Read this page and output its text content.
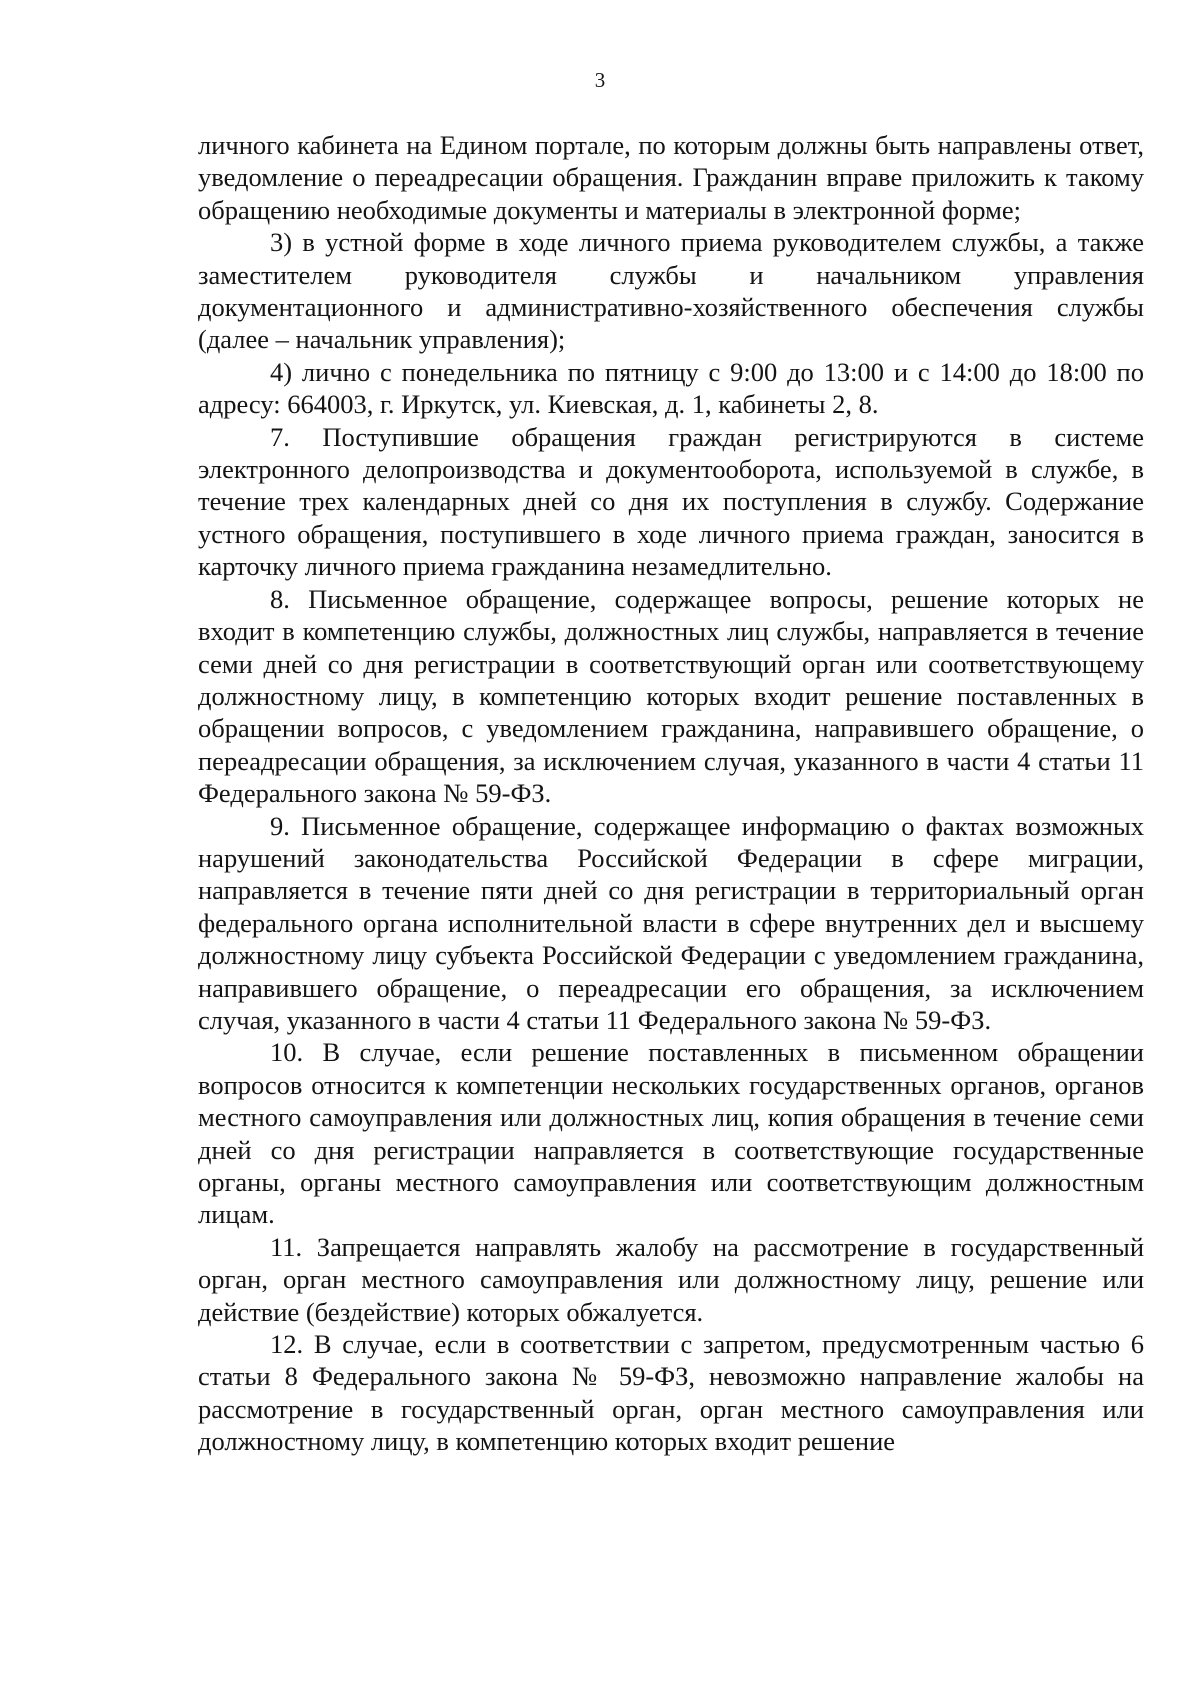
3

личного кабинета на Едином портале, по которым должны быть направлены ответ, уведомление о переадресации обращения. Гражданин вправе приложить к такому обращению необходимые документы и материалы в электронной форме;

3) в устной форме в ходе личного приема руководителем службы, а также заместителем руководителя службы и начальником управления документационного и административно-хозяйственного обеспечения службы (далее – начальник управления);

4) лично с понедельника по пятницу с 9:00 до 13:00 и с 14:00 до 18:00 по адресу: 664003, г. Иркутск, ул. Киевская, д. 1, кабинеты 2, 8.

7. Поступившие обращения граждан регистрируются в системе электронного делопроизводства и документооборота, используемой в службе, в течение трех календарных дней со дня их поступления в службу. Содержание устного обращения, поступившего в ходе личного приема граждан, заносится в карточку личного приема гражданина незамедлительно.

8. Письменное обращение, содержащее вопросы, решение которых не входит в компетенцию службы, должностных лиц службы, направляется в течение семи дней со дня регистрации в соответствующий орган или соответствующему должностному лицу, в компетенцию которых входит решение поставленных в обращении вопросов, с уведомлением гражданина, направившего обращение, о переадресации обращения, за исключением случая, указанного в части 4 статьи 11 Федерального закона № 59-ФЗ.

9. Письменное обращение, содержащее информацию о фактах возможных нарушений законодательства Российской Федерации в сфере миграции, направляется в течение пяти дней со дня регистрации в территориальный орган федерального органа исполнительной власти в сфере внутренних дел и высшему должностному лицу субъекта Российской Федерации с уведомлением гражданина, направившего обращение, о переадресации его обращения, за исключением случая, указанного в части 4 статьи 11 Федерального закона № 59-ФЗ.

10. В случае, если решение поставленных в письменном обращении вопросов относится к компетенции нескольких государственных органов, органов местного самоуправления или должностных лиц, копия обращения в течение семи дней со дня регистрации направляется в соответствующие государственные органы, органы местного самоуправления или соответствующим должностным лицам.

11. Запрещается направлять жалобу на рассмотрение в государственный орган, орган местного самоуправления или должностному лицу, решение или действие (бездействие) которых обжалуется.

12. В случае, если в соответствии с запретом, предусмотренным частью 6 статьи 8 Федерального закона № 59-ФЗ, невозможно направление жалобы на рассмотрение в государственный орган, орган местного самоуправления или должностному лицу, в компетенцию которых входит решение
